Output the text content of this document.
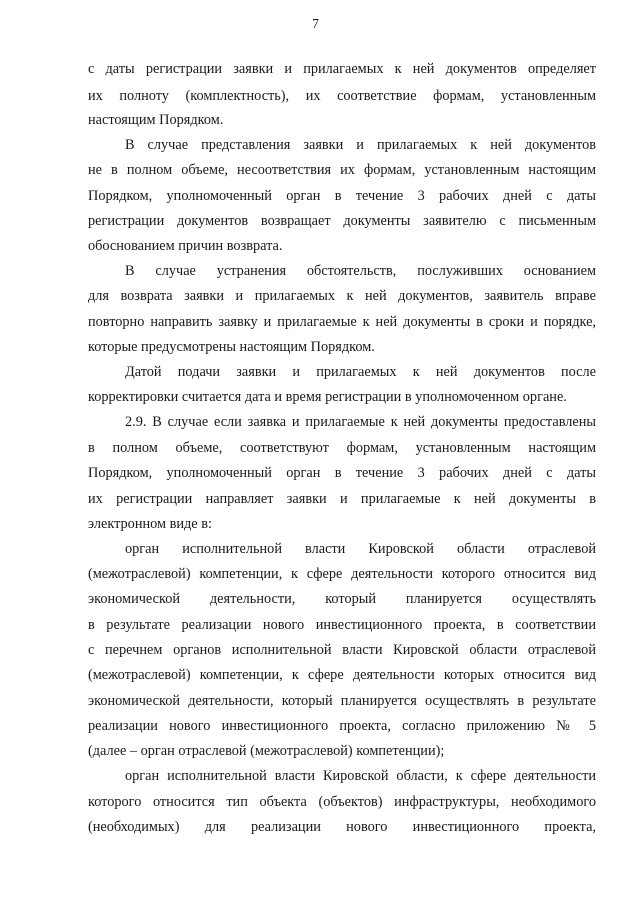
7
с даты регистрации заявки и прилагаемых к ней документов определяет
их полноту (комплектность), их соответствие формам, установленным
настоящим Порядком.
В случае представления заявки и прилагаемых к ней документов
не в полном объеме, несоответствия их формам, установленным настоящим
Порядком, уполномоченный орган в течение 3 рабочих дней с даты
регистрации документов возвращает документы заявителю с письменным
обоснованием причин возврата.
В случае устранения обстоятельств, послуживших основанием
для возврата заявки и прилагаемых к ней документов, заявитель вправе
повторно направить заявку и прилагаемые к ней документы в сроки и порядке,
которые предусмотрены настоящим Порядком.
Датой подачи заявки и прилагаемых к ней документов после
корректировки считается дата и время регистрации в уполномоченном органе.
2.9. В случае если заявка и прилагаемые к ней документы предоставлены
в полном объеме, соответствуют формам, установленным настоящим
Порядком, уполномоченный орган в течение 3 рабочих дней с даты
их регистрации направляет заявки и прилагаемые к ней документы в
электронном виде в:
орган исполнительной власти Кировской области отраслевой
(межотраслевой) компетенции, к сфере деятельности которого относится вид
экономической деятельности, который планируется осуществлять
в результате реализации нового инвестиционного проекта, в соответствии
с перечнем органов исполнительной власти Кировской области отраслевой
(межотраслевой) компетенции, к сфере деятельности которых относится вид
экономической деятельности, который планируется осуществлять в результате
реализации нового инвестиционного проекта, согласно приложению № 5
(далее – орган отраслевой (межотраслевой) компетенции);
орган исполнительной власти Кировской области, к сфере деятельности
которого относится тип объекта (объектов) инфраструктуры, необходимого
(необходимых) для реализации нового инвестиционного проекта,
